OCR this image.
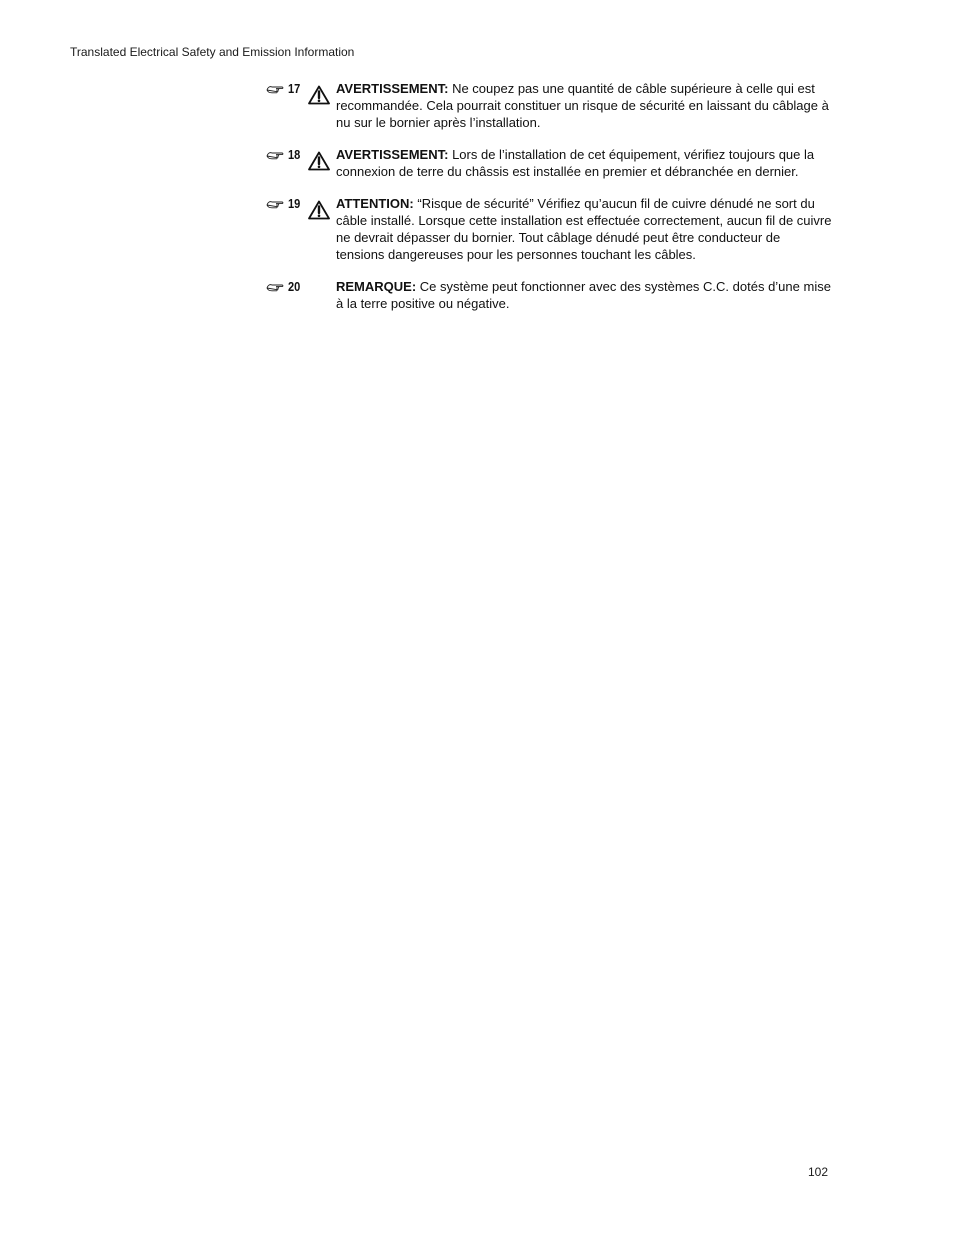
Translated Electrical Safety and Emission Information
17	AVERTISSEMENT: Ne coupez pas une quantité de câble supérieure à celle qui est recommandée. Cela pourrait constituer un risque de sécurité en laissant du câblage à nu sur le bornier après l’installation.
18	AVERTISSEMENT: Lors de l’installation de cet équipement, vérifiez toujours que la connexion de terre du châssis est installée en premier et débranchée en dernier.
19	ATTENTION: “Risque de sécurité” Vérifiez qu’aucun fil de cuivre dénudé ne sort du câble installé. Lorsque cette installation est effectuée correctement, aucun fil de cuivre ne devrait dépasser du bornier. Tout câblage dénudé peut être conducteur de tensions dangereuses pour les personnes touchant les câbles.
20	REMARQUE: Ce système peut fonctionner avec des systèmes C.C. dotés d’une mise à la terre positive ou négative.
102
